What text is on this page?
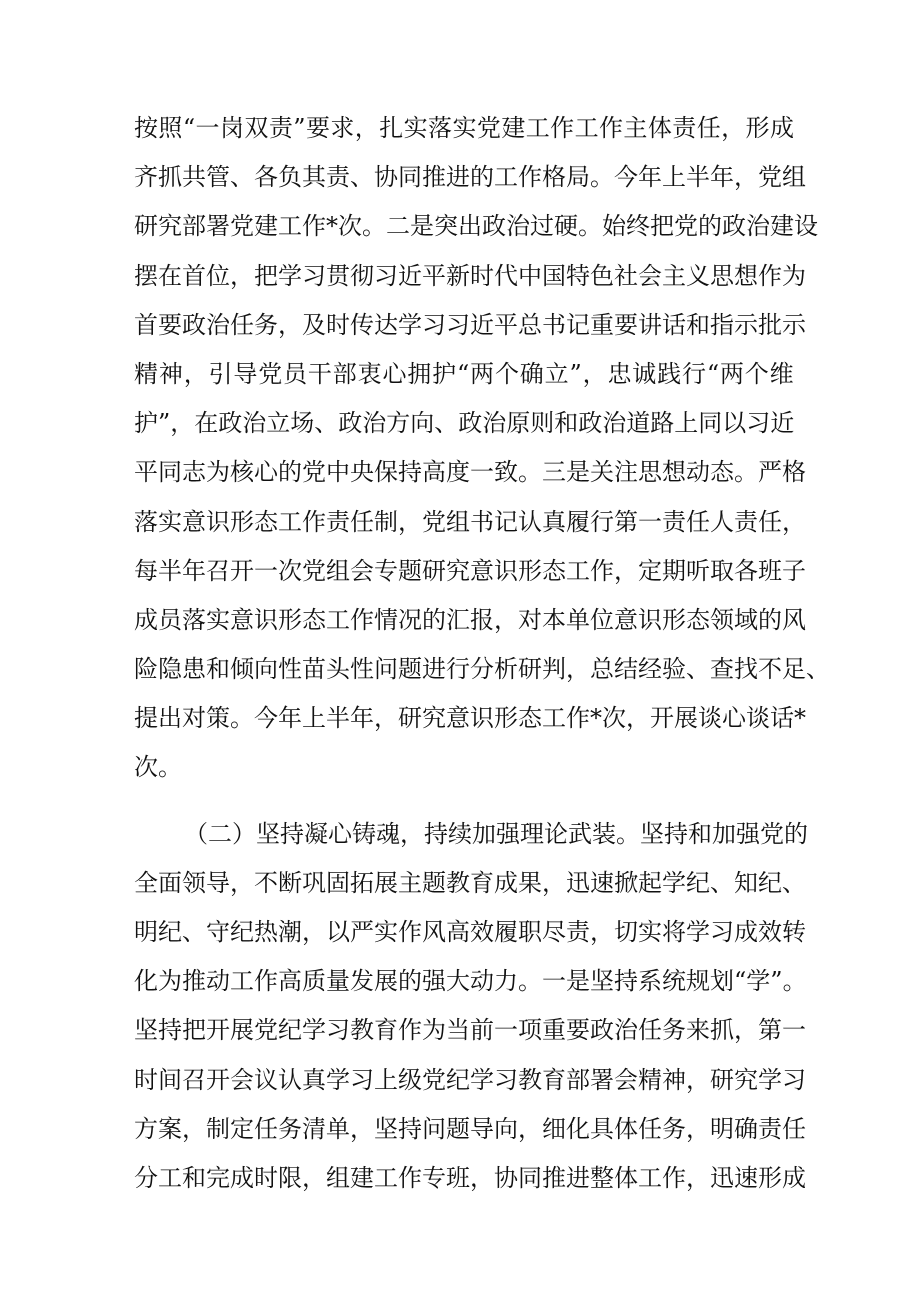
按 照 “ 一 岗 双 责 ” 要 求 ， 扎 实 落 实 党 建 工 作 工 作 主 体 责 任 ， 形 成
齐 抓 共 管 、 各 负 其 责 、 协 同 推 进 的 工 作 格 局 。 今 年 上 半 年 ， 党 组
研 究 部 署 党 建 工 作 * 次 。 二 是 突 出 政 治 过 硬 。 始 终 把 党 的 政 治 建 设
摆 在 首 位 ， 把 学 习 贯 彻 习 近 平 新 时 代 中 国 特 色 社 会 主 义 思 想 作 为
首 要 政 治 任 务 ， 及 时 传 达 学 习 习 近 平 总 书 记 重 要 讲 话 和 指 示 批 示
精 神 ， 引 导 党 员 干 部 衷 心 拥 护 “ 两 个 确 立 ” ， 忠 诚 践 行 “ 两 个 维
护 ” ， 在 政 治 立 场 、 政 治 方 向 、 政 治 原 则 和 政 治 道 路 上 同 以 习 近
平 同 志 为 核 心 的 党 中 央 保 持 高 度 一 致 。 三 是 关 注 思 想 动 态 。 严 格
落 实 意 识 形 态 工 作 责 任 制 ， 党 组 书 记 认 真 履 行 第 一 责 任 人 责 任 ，
每 半 年 召 开 一 次 党 组 会 专 题 研 究 意 识 形 态 工 作 ， 定 期 听 取 各 班 子
成 员 落 实 意 识 形 态 工 作 情 况 的 汇 报 ， 对 本 单 位 意 识 形 态 领 域 的 风
险 隐 患 和 倾 向 性 苗 头 性 问 题 进 行 分 析 研 判 ， 总 结 经 验 、 查 找 不 足 、
提 出 对 策 。 今 年 上 半 年 ， 研 究 意 识 形 态 工 作 * 次 ， 开 展 谈 心 谈 话 *
次。
（ 二 ） 坚 持 凝 心 铸 魂 ， 持 续 加 强 理 论 武 装 。 坚 持 和 加 强 党 的
全 面 领 导 ， 不 断 巩 固 拓 展 主 题 教 育 成 果 ， 迅 速 掀 起 学 纪 、 知 纪 、
明 纪 、 守 纪 热 潮 ， 以 严 实 作 风 高 效 履 职 尽 责 ， 切 实 将 学 习 成 效 转
化 为 推 动 工 作 高 质 量 发 展 的 强 大 动 力 。 一 是 坚 持 系 统 规 划 “ 学 ” 。
坚 持 把 开 展 党 纪 学 习 教 育 作 为 当 前 一 项 重 要 政 治 任 务 来 抓 ， 第 一
时 间 召 开 会 议 认 真 学 习 上 级 党 纪 学 习 教 育 部 署 会 精 神 ， 研 究 学 习
方 案 ， 制 定 任 务 清 单 ， 坚 持 问 题 导 向 ， 细 化 具 体 任 务 ， 明 确 责 任
分 工 和 完 成 时 限 ， 组 建 工 作 专 班 ， 协 同 推 进 整 体 工 作 ， 迅 速 形 成
